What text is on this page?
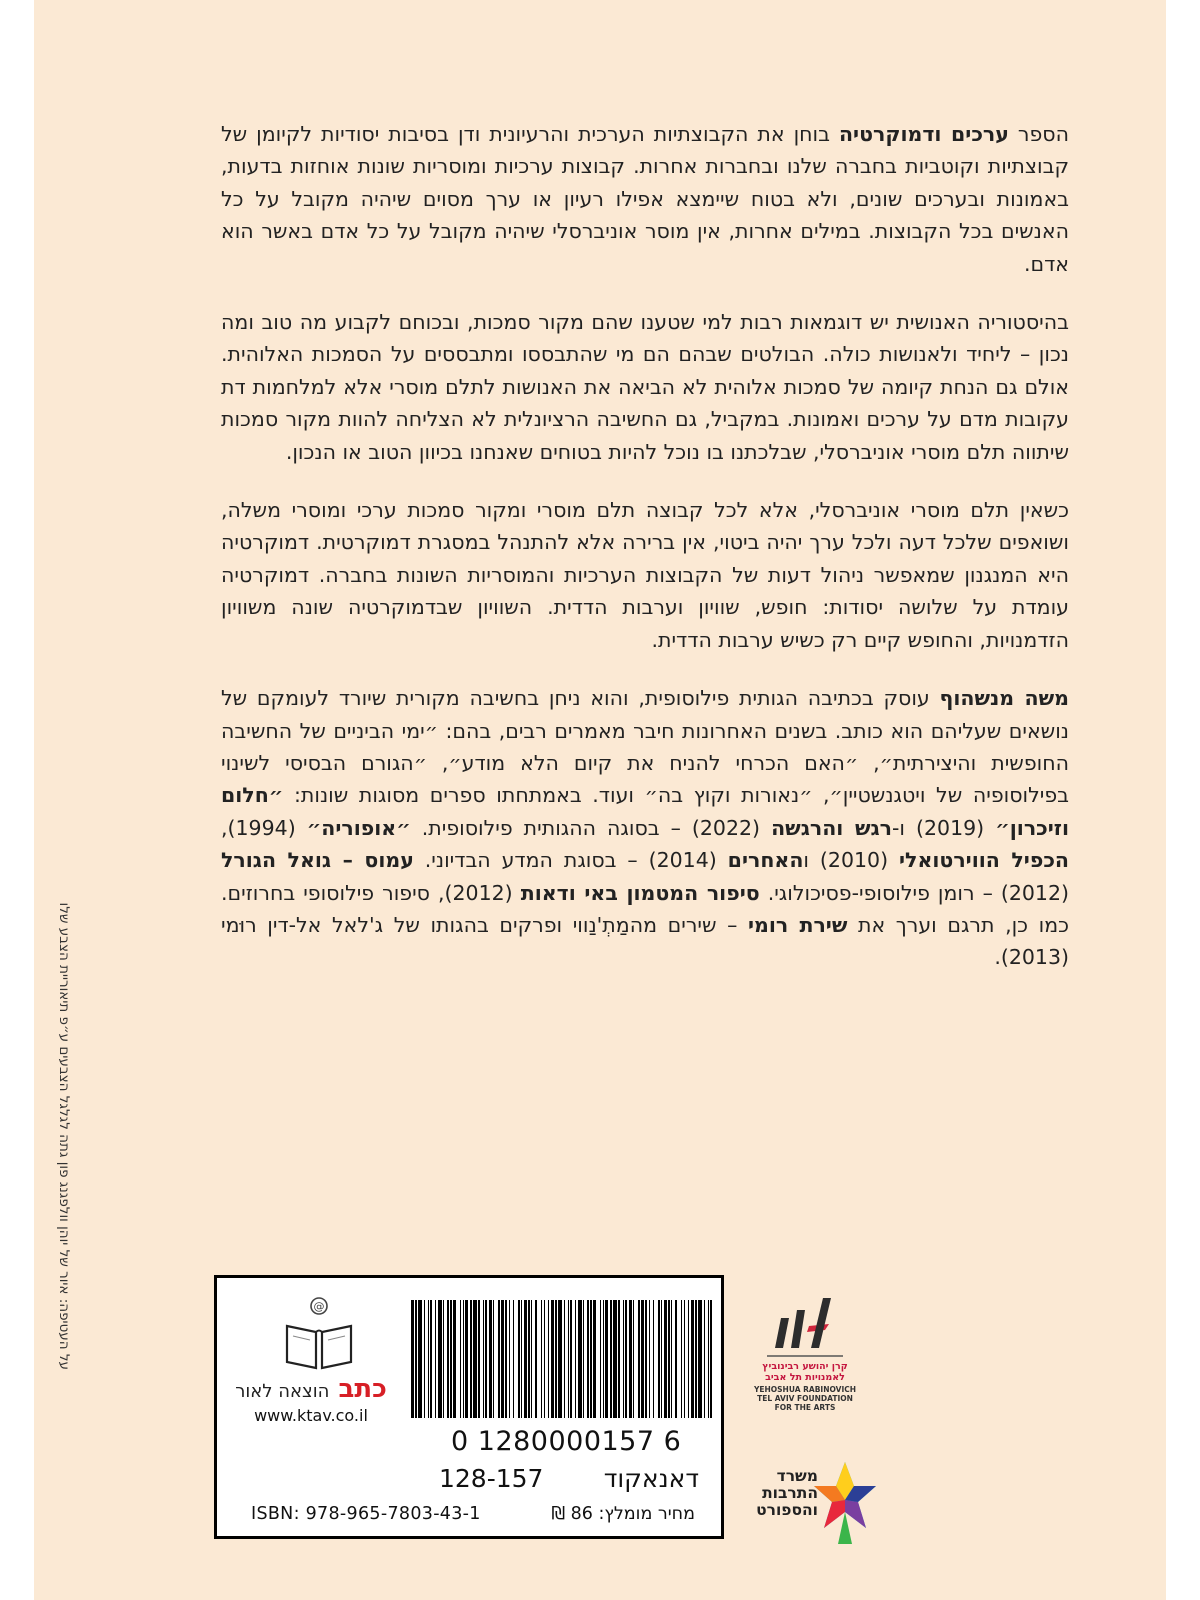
הספר ערכים ודמוקרטיה בוחן את הקבוצתיות הערכית והרעיונית ודן בסיבות יסודיות לקיומן של קבוצתיות וקוטביות בחברה שלנו ובחברות אחרות. קבוצות ערכיות ומוסריות שונות אוחזות בדעות, באמונות ובערכים שונים, ולא בטוח שיימצא אפילו רעיון או ערך מסוים שיהיה מקובל על כל האנשים בכל הקבוצות. במילים אחרות, אין מוסר אוניברסלי שיהיה מקובל על כל אדם באשר הוא אדם.

בהיסטוריה האנושית יש דוגמאות רבות למי שטענו שהם מקור סמכות, ובכוחם לקבוע מה טוב ומה נכון – ליחיד ולאנושות כולה. הבולטים שבהם הם מי שהתבססו ומתבססים על הסמכות האלוהית. אולם גם הנחת קיומה של סמכות אלוהית לא הביאה את האנושות לתלם מוסרי אלא למלחמות דת עקובות מדם על ערכים ואמונות. במקביל, גם החשיבה הרציונלית לא הצליחה להוות מקור סמכות שיתווה תלם מוסרי אוניברסלי, שבלכתנו בו נוכל להיות בטוחים שאנחנו בכיוון הטוב או הנכון.

כשאין תלם מוסרי אוניברסלי, אלא לכל קבוצה תלם מוסרי ומקור סמכות ערכי ומוסרי משלה, ושואפים שלכל דעה ולכל ערך יהיה ביטוי, אין ברירה אלא להתנהל במסגרת דמוקרטית. דמוקרטיה היא המנגנון שמאפשר ניהול דעות של הקבוצות הערכיות והמוסריות השונות בחברה. דמוקרטיה עומדת על שלושה יסודות: חופש, שוויון וערבות הדדית. השוויון שבדמוקרטיה שונה משוויון הזדמנויות, והחופש קיים רק כשיש ערבות הדדית.

משה מנשהוף עוסק בכתיבה הגותית פילוסופית, והוא ניחן בחשיבה מקורית שיורד לעומקם של נושאים שעליהם הוא כותב. בשנים האחרונות חיבר מאמרים רבים, בהם: ״ימי הביניים של החשיבה החופשית והיצירתית״, ״האם הכרחי להניח את קיום הלא מודע״, ״הגורם הבסיסי לשינוי בפילוסופיה של ויטגנשטיין״, ״נאורות וקוץ בה״ ועוד. באמתחתו ספרים מסוגות שונות: ״חלום וזיכרון״ (2019) ו-רגש והרגשה (2022) – בסוגה ההגותית פילוסופית. ״אופוריה״ (1994), הכפיל הווירטואלי (2010) והאחרים (2014) – בסוגת המדע הבדיוני. עמוס – גואל הגורל (2012) – רומן פילוסופי-פסיכולוגי. סיפור המטמון באי ודאות (2012), סיפור פילוסופי בחרוזים. כמו כן, תרגם וערך את שירת רומי – שירים מהמַתְ'נַווי ופרקים בהגותו של ג'לאל אל-דין רוּמי (2013).

על העטיפה: איור של יוהן וולפגנג פון גתה לגלגל הצבעים ע״פ תיאוריית הצבע שלו	@
כתב הוצאה לאור
www.ktav.co.il
0 1280000157 6
דאנאקוד
128-157
ISBN: 978-965-7803-43-1	מחיר מומלץ: 86 ₪
קרן יהושע רבינוביץ לאמנויות תל אביב
YEHOSHUA RABINOVICH
TEL AVIV FOUNDATION
FOR THE ARTS
משרד
התרבות
והספורט
